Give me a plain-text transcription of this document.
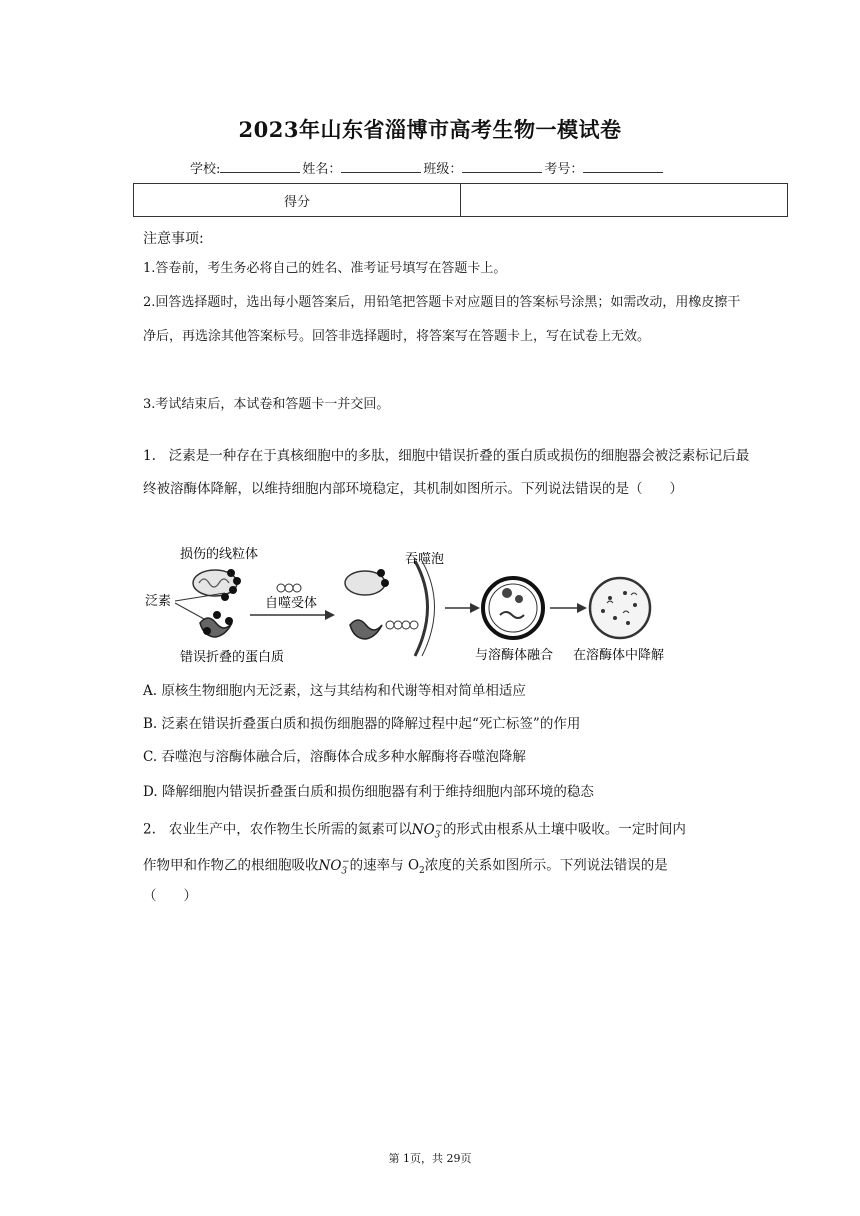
2023年山东省淄博市高考生物一模试卷
学校:	姓名：	班级：	考号：
得分
注意事项:
1.答卷前，考生务必将自己的姓名、准考证号填写在答题卡上。
2.回答选择题时，选出每小题答案后，用铅笔把答题卡对应题目的答案标号涂黑；如需改动，用橡皮擦干净后，再选涂其他答案标号。回答非选择题时，将答案写在答题卡上，写在试卷上无效。
3.考试结束后，本试卷和答题卡一并交回。
1. 泛素是一种存在于真核细胞中的多肽，细胞中错误折叠的蛋白质或损伤的细胞器会被泛素标记后最终被溶酶体降解，以维持细胞内部环境稳定，其机制如图所示。下列说法错误的是（　　）
损伤的线粒体
泛素
错误折叠的蛋白质
自噬受体
吞噬泡
与溶酶体融合 在溶酶体中降解
A. 原核生物细胞内无泛素，这与其结构和代谢等相对简单相适应
B. 泛素在错误折叠蛋白质和损伤细胞器的降解过程中起“死亡标签”的作用
C. 吞噬泡与溶酶体融合后，溶酶体合成多种水解酶将吞噬泡降解
D. 降解细胞内错误折叠蛋白质和损伤细胞器有利于维持细胞内部环境的稳态
2. 农业生产中，农作物生长所需的氮素可以$NO_3^-$的形式由根系从土壤中吸收。一定时间内
作物甲和作物乙的根细胞吸收$NO_3^-$的速率与 $O_2$浓度的关系如图所示。下列说法错误的是
（　　）
第 1页，共 29页
